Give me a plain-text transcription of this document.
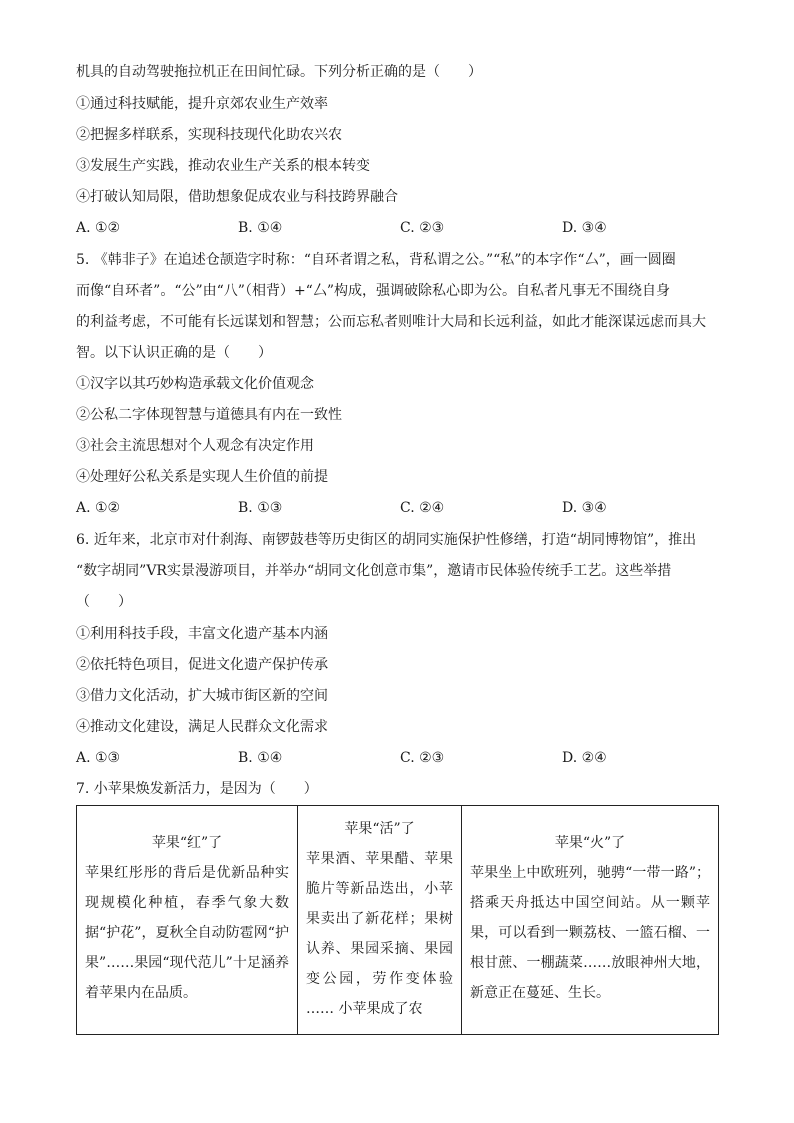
机具的自动驾驶拖拉机正在田间忙碌。下列分析正确的是（　　）
①通过科技赋能，提升京郊农业生产效率
②把握多样联系，实现科技现代化助农兴农
③发展生产实践，推动农业生产关系的根本转变
④打破认知局限，借助想象促成农业与科技跨界融合
A. ①②	B. ①④	C. ②③	D. ③④
5. 《韩非子》在追述仓颉造字时称：“自环者谓之私，背私谓之公。”“私”的本字作“厶”，画一圆圈
而像“自环者”。“公”由“八”（相背）+“厶”构成，强调破除私心即为公。自私者凡事无不围绕自身
的利益考虑，不可能有长远谋划和智慧；公而忘私者则唯计大局和长远利益，如此才能深谋远虑而具大
智。以下认识正确的是（　　）
①汉字以其巧妙构造承载文化价值观念
②公私二字体现智慧与道德具有内在一致性
③社会主流思想对个人观念有决定作用
④处理好公私关系是实现人生价值的前提
A. ①②	B. ①③	C. ②④	D. ③④
6. 近年来，北京市对什刹海、南锣鼓巷等历史街区的胡同实施保护性修缮，打造“胡同博物馆”，推出
“数字胡同”VR实景漫游项目，并举办“胡同文化创意市集”，邀请市民体验传统手工艺。这些举措
（　　）
①利用科技手段，丰富文化遗产基本内涵
②依托特色项目，促进文化遗产保护传承
③借力文化活动，扩大城市街区新的空间
④推动文化建设，满足人民群众文化需求
A. ①③	B. ①④	C. ②③	D. ②④
7. 小苹果焕发新活力，是因为（　　）
苹果“红”了
苹果红彤彤的背后是优新品种实现规模化种植，春季气象大数据“护花”，夏秋全自动防雹网“护果”……果园“现代范儿”十足涵养着苹果内在品质。

苹果“活”了
苹果酒、苹果醋、苹果脆片等新品迭出，小苹果卖出了新花样；果树认养、果园采摘、果园变公园，劳作变体验 …… 小苹果成了农

苹果“火”了
苹果坐上中欧班列，驰骋“一带一路”；搭乘天舟抵达中国空间站。从一颗苹果，可以看到一颗荔枝、一篮石榴、一根甘蔗、一棚蔬菜……放眼神州大地，新意正在蔓延、生长。
